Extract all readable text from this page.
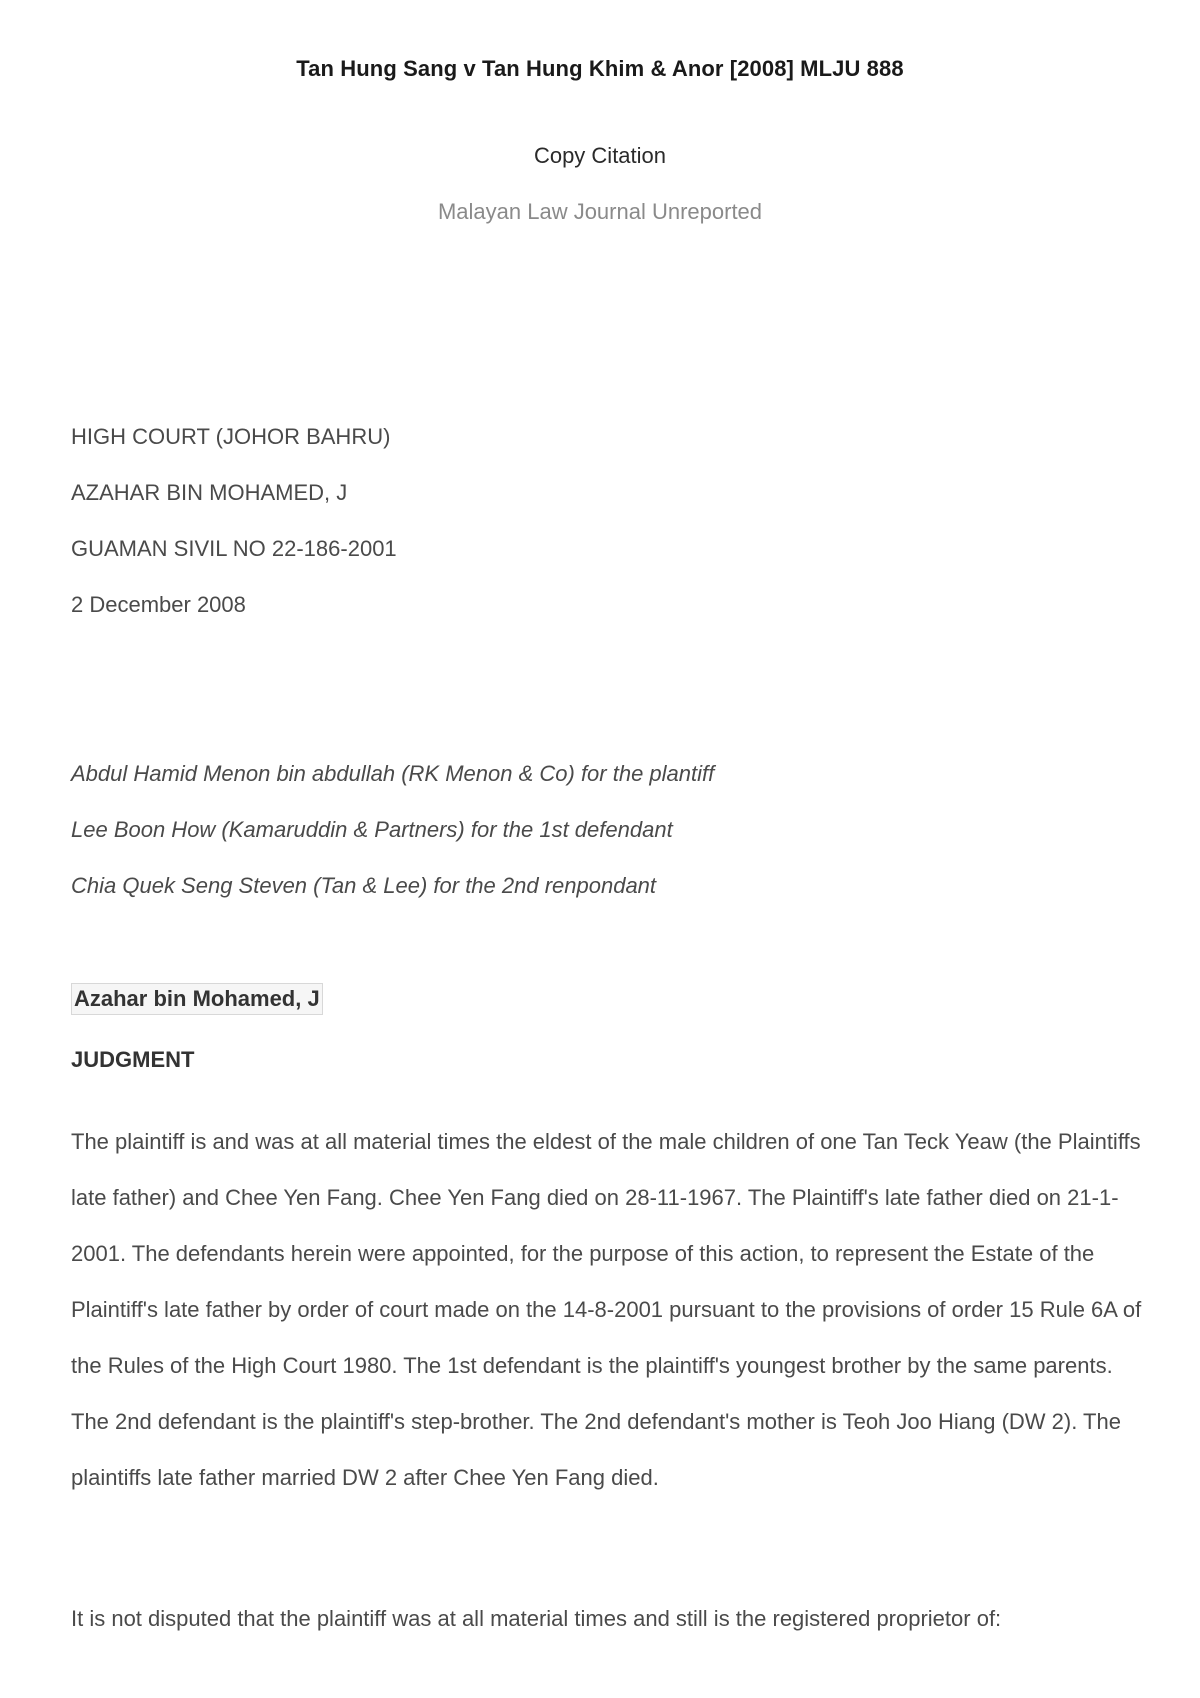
Tan Hung Sang v Tan Hung Khim & Anor [2008] MLJU 888
Copy Citation
Malayan Law Journal Unreported
HIGH COURT (JOHOR BAHRU)
AZAHAR BIN MOHAMED, J
GUAMAN SIVIL NO 22-186-2001
2 December 2008
Abdul Hamid Menon bin abdullah (RK Menon & Co) for the plantiff
Lee Boon How (Kamaruddin & Partners) for the 1st defendant
Chia Quek Seng Steven (Tan & Lee) for the 2nd renpondant
Azahar bin Mohamed, J
JUDGMENT
The plaintiff is and was at all material times the eldest of the male children of one Tan Teck Yeaw (the Plaintiffs late father) and Chee Yen Fang. Chee Yen Fang died on 28-11-1967. The Plaintiff's late father died on 21-1-2001. The defendants herein were appointed, for the purpose of this action, to represent the Estate of the Plaintiff's late father by order of court made on the 14-8-2001 pursuant to the provisions of order 15 Rule 6A of the Rules of the High Court 1980. The 1st defendant is the plaintiff's youngest brother by the same parents. The 2nd defendant is the plaintiff's step-brother. The 2nd defendant's mother is Teoh Joo Hiang (DW 2). The plaintiffs late father married DW 2 after Chee Yen Fang died.
It is not disputed that the plaintiff was at all material times and still is the registered proprietor of:
